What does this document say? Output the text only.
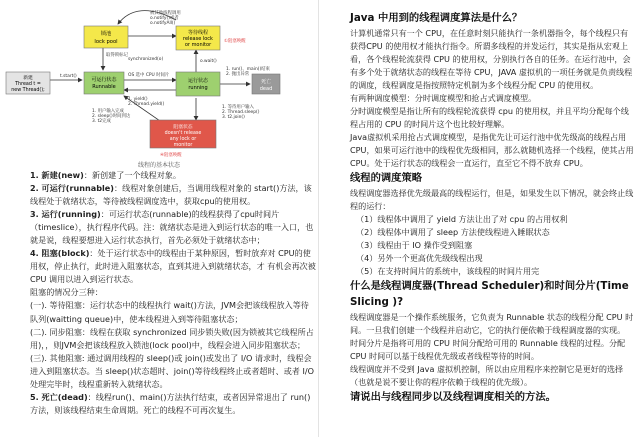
锁池
lock pool
等待线程
release lock
or monitor
新建
Thread t =
new Thread();
可运行状态
Runnable
运行状态
running
死亡
dead
阻塞状态
doesn't release
any lock or
monitor
被其他线程调用
o.notify()或者
o.notifyAll()
①阻塞唤醒
t.start()
synchronized(o)	o.wait()
1. run()、main()结束
2. 抛出异常
OS 选中 CPU 时间片
取得锁标记
1. yield()
2. Thread.yield()
1. 用户输入完成
2. sleep()时间到达
3. t2完成
1. 等待用户输入
2. Thread.sleep()
3. t2.join()
④阻塞唤醒
线程的基本状态

1. 新建(new)：新创建了一个线程对象。

2. 可运行(runnable)：线程对象创建后，当调用线程对象的 start()方法，该线程处于就绪状态，等待被线程调度选中，获取cpu的使用权。

3. 运行(running)：可运行状态(runnable)的线程获得了cpu时间片（timeslice），执行程序代码。注：就绪状态是进入到运行状态的唯一入口，也就是说，线程要想进入运行状态执行，首先必须处于就绪状态中；

4. 阻塞(block)：处于运行状态中的线程由于某种原因，暂时放弃对 CPU的使用权，停止执行，此时进入阻塞状态，直到其进入到就绪状态，才 有机会再次被 CPU 调用以进入到运行状态。

阻塞的情况分三种：

(一). 等待阻塞：运行状态中的线程执行 wait()方法，JVM会把该线程放入等待队列(waitting queue)中，使本线程进入到等待阻塞状态；

(二). 同步阻塞：线程在获取 synchronized 同步锁失败(因为锁被其它线程所占用)，，则JVM会把该线程放入锁池(lock pool)中，线程会进入同步阻塞状态；

(三). 其他阻塞: 通过调用线程的 sleep()或 join()或发出了 I/O 请求时，线程会进入到阻塞状态。当 sleep()状态超时、join()等待线程终止或者超时、或者 I/O 处理完毕时，线程重新转入就绪状态。

5. 死亡(dead)：线程run()、main()方法执行结束，或者因异常退出了 run()方法，则该线程结束生命周期。死亡的线程不可再次复生。

Java 中用到的线程调度算法是什么？

计算机通常只有一个 CPU，在任意时刻只能执行一条机器指令，每个线程只有获得CPU 的使用权才能执行指令。所谓多线程的并发运行，其实是指从宏观上看，各个线程轮流获得 CPU 的使用权，分别执行各自的任务。在运行池中，会有多个处于就绪状态的线程在等待 CPU，JAVA 虚拟机的一项任务就是负责线程的调度，线程调度是指按照特定机制为多个线程分配 CPU 的使用权。

有两种调度模型：分时调度模型和抢占式调度模型。

分时调度模型是指让所有的线程轮流获得 cpu 的使用权，并且平均分配每个线程占用的 CPU 的时间片这个也比较好理解。

Java虚拟机采用抢占式调度模型，是指优先让可运行池中优先级高的线程占用CPU，如果可运行池中的线程优先级相同，那么就随机选择一个线程，使其占用CPU。处于运行状态的线程会一直运行，直至它不得不放弃 CPU。

线程的调度策略

线程调度器选择优先级最高的线程运行，但是，如果发生以下情况，就会终止线程的运行：

（1）线程体中调用了 yield 方法让出了对 cpu 的占用权利

（2）线程体中调用了 sleep 方法使线程进入睡眠状态

（3）线程由于 IO 操作受到阻塞

（4）另外一个更高优先级线程出现

（5）在支持时间片的系统中，该线程的时间片用完

什么是线程调度器(Thread Scheduler)和时间分片(Time Slicing )?

线程调度器是一个操作系统服务，它负责为 Runnable 状态的线程分配 CPU 时间。一旦我们创建一个线程并启动它，它的执行便依赖于线程调度器的实现。

时间分片是指将可用的 CPU 时间分配给可用的 Runnable 线程的过程。分配 CPU 时间可以基于线程优先级或者线程等待的时间。

线程调度并不受到 Java 虚拟机控制，所以由应用程序来控制它是更好的选择（也就是说不要让你的程序依赖于线程的优先级）。

请说出与线程同步以及线程调度相关的方法。
